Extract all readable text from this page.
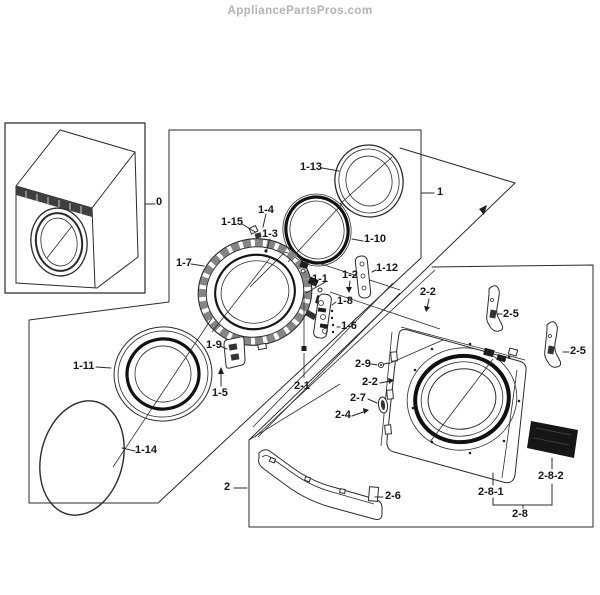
AppliancePartsPros.com
0
1
1-13
1-10
1-4
1-15
1-3
1-7
1-1 1-2
1-12
1-8
1-6
1-9
1-5
1-11
1-14
2-2
2-5
2-5
2-9
2-2
2-7
2-4
2-1
2
2-6	2-8-1
2-8-2
2-8
